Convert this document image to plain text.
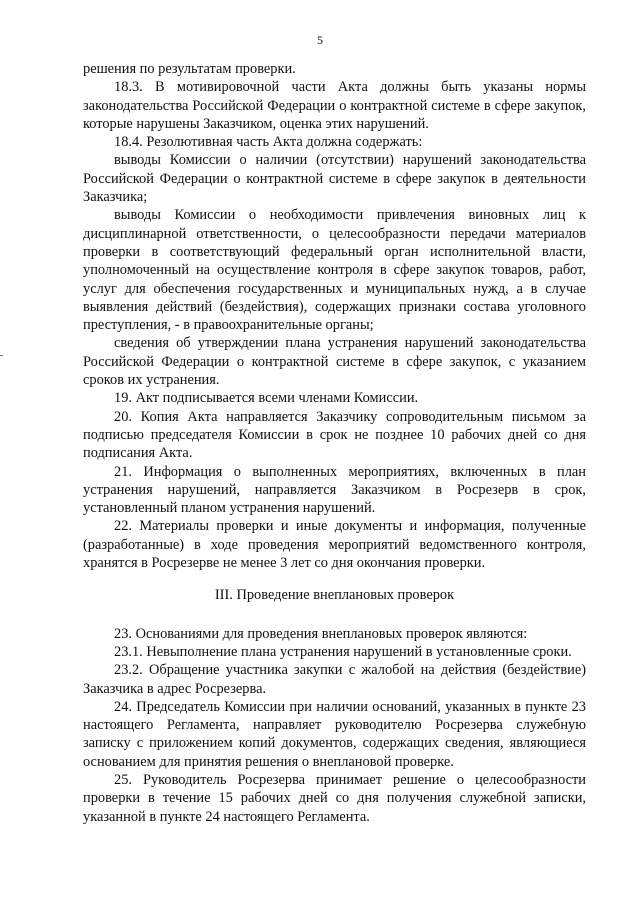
5

решения по результатам проверки.

18.3. В мотивировочной части Акта должны быть указаны нормы законодательства Российской Федерации о контрактной системе в сфере закупок, которые нарушены Заказчиком, оценка этих нарушений.

18.4. Резолютивная часть Акта должна содержать:

выводы Комиссии о наличии (отсутствии) нарушений законодательства Российской Федерации о контрактной системе в сфере закупок в деятельности Заказчика;

выводы Комиссии о необходимости привлечения виновных лиц к дисциплинарной ответственности, о целесообразности передачи материалов проверки в соответствующий федеральный орган исполнительной власти, уполномоченный на осуществление контроля в сфере закупок товаров, работ, услуг для обеспечения государственных и муниципальных нужд, а в случае выявления действий (бездействия), содержащих признаки состава уголовного преступления, - в правоохранительные органы;

сведения об утверждении плана устранения нарушений законодательства Российской Федерации о контрактной системе в сфере закупок, с указанием сроков их устранения.

19. Акт подписывается всеми членами Комиссии.

20. Копия Акта направляется Заказчику сопроводительным письмом за подписью председателя Комиссии в срок не позднее 10 рабочих дней со дня подписания Акта.

21. Информация о выполненных мероприятиях, включенных в план устранения нарушений, направляется Заказчиком в Росрезерв в срок, установленный планом устранения нарушений.

22. Материалы проверки и иные документы и информация, полученные (разработанные) в ходе проведения мероприятий ведомственного контроля, хранятся в Росрезерве не менее 3 лет со дня окончания проверки.

III. Проведение внеплановых проверок

23. Основаниями для проведения внеплановых проверок являются:

23.1. Невыполнение плана устранения нарушений в установленные сроки.

23.2. Обращение участника закупки с жалобой на действия (бездействие) Заказчика в адрес Росрезерва.

24. Председатель Комиссии при наличии оснований, указанных в пункте 23 настоящего Регламента, направляет руководителю Росрезерва служебную записку с приложением копий документов, содержащих сведения, являющиеся основанием для принятия решения о внеплановой проверке.

25. Руководитель Росрезерва принимает решение о целесообразности проверки в течение 15 рабочих дней со дня получения служебной записки, указанной в пункте 24 настоящего Регламента.
